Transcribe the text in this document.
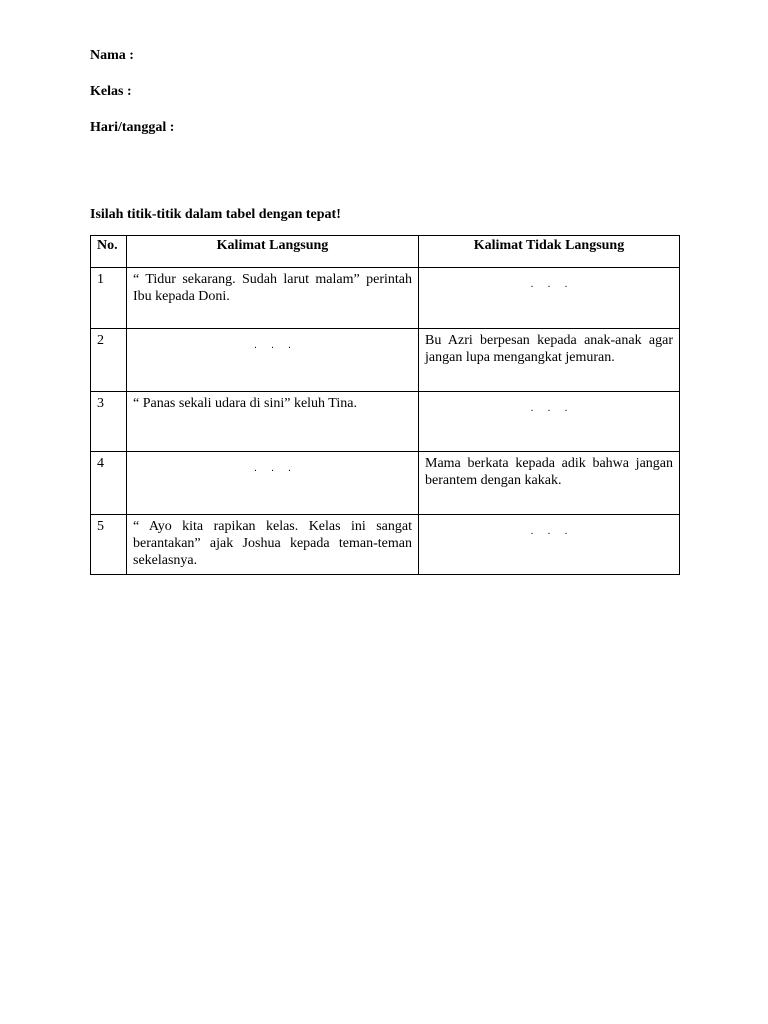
Nama :
Kelas :
Hari/tanggal :
Isilah titik-titik dalam tabel dengan tepat!
No.	Kalimat Langsung	Kalimat Tidak Langsung
1	“ Tidur sekarang. Sudah larut malam” perintah Ibu kepada Doni.	. . .
2	. . .	Bu Azri berpesan kepada anak-anak agar jangan lupa mengangkat jemuran.
3	“ Panas sekali udara di sini” keluh Tina.	. . .
4	. . .	Mama berkata kepada adik bahwa jangan berantem dengan kakak.
5	“ Ayo kita rapikan kelas. Kelas ini sangat berantakan” ajak Joshua kepada teman-teman sekelasnya.	. . .
